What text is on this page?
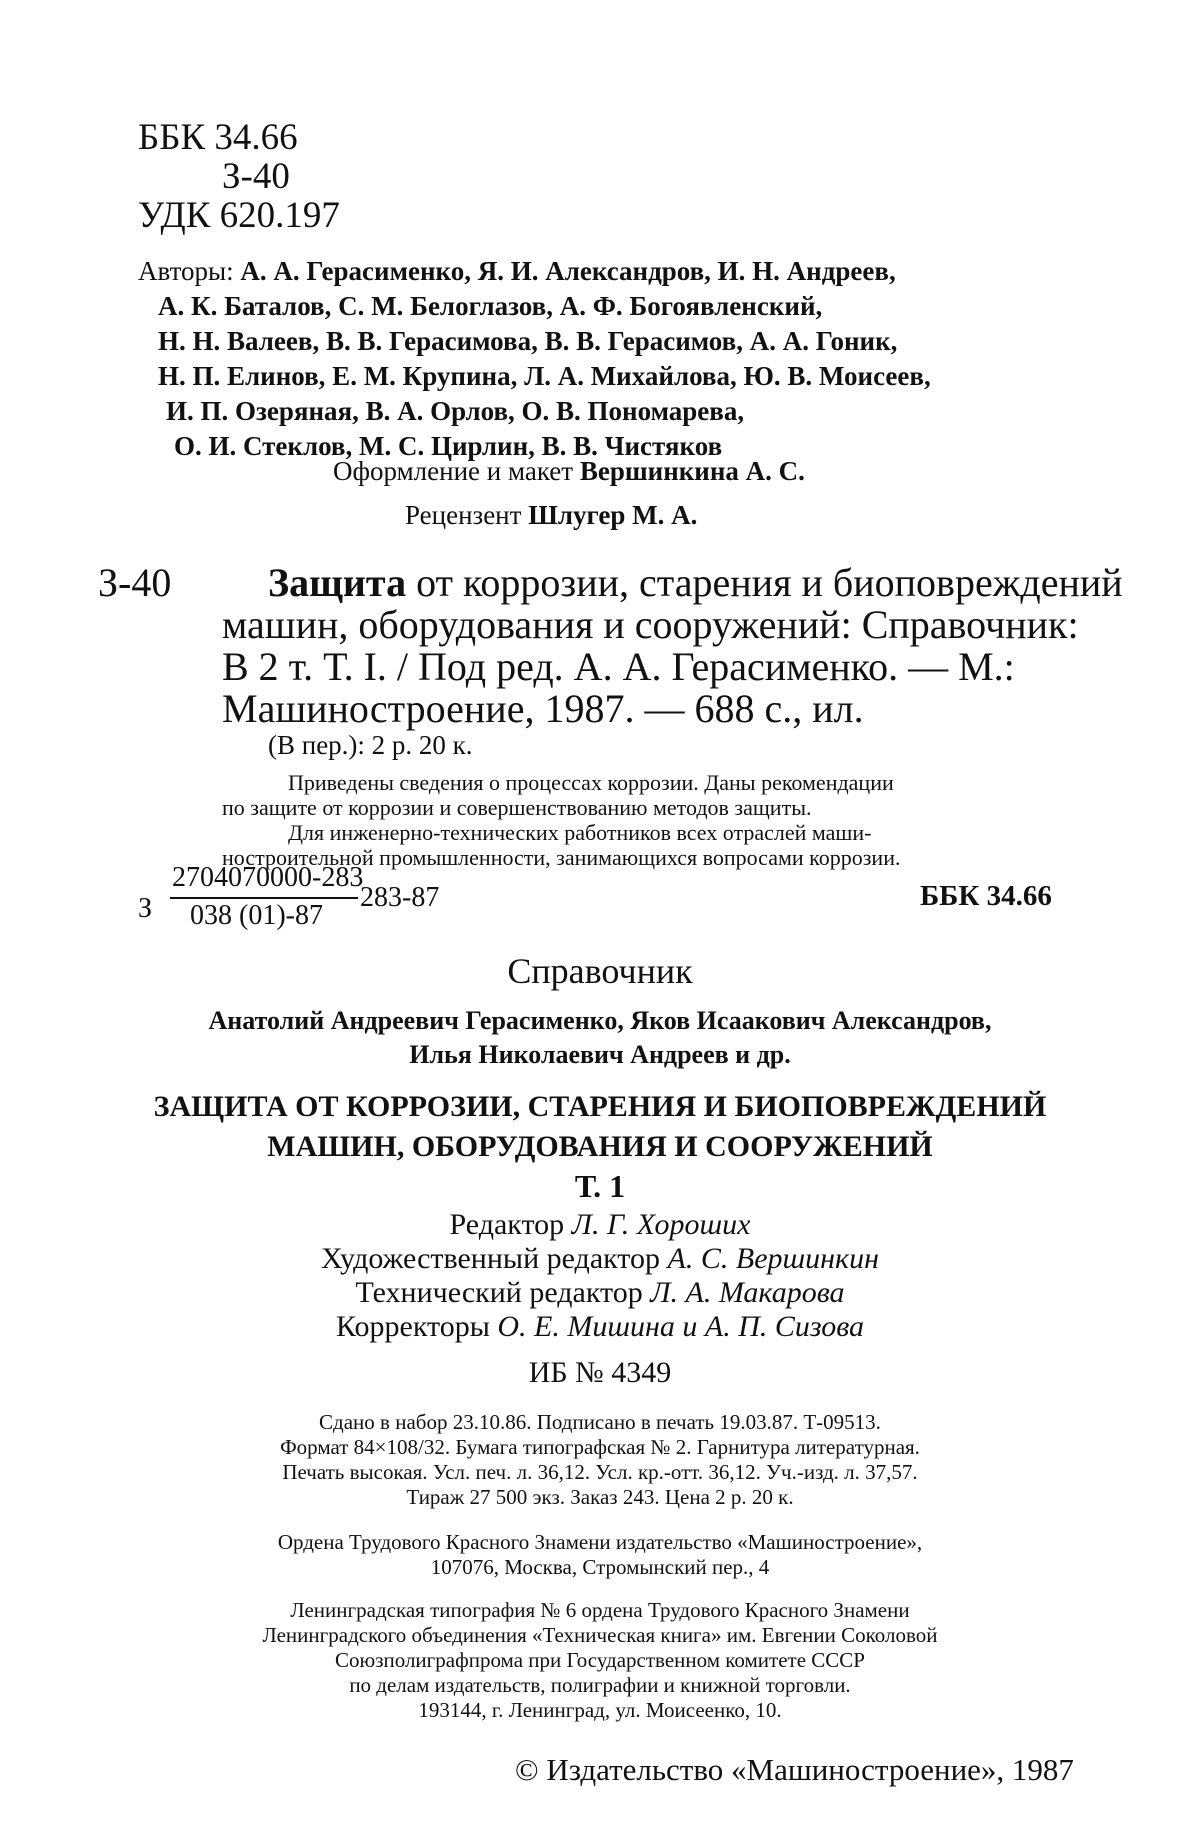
ББК 34.66
З-40
УДК 620.197
Авторы: А. А. Герасименко, Я. И. Александров, И. Н. Андреев,
А. К. Баталов, С. М. Белоглазов, А. Ф. Богоявленский,
Н. Н. Валеев, В. В. Герасимова, В. В. Герасимов, А. А. Гоник,
Н. П. Елинов, Е. М. Крупина, Л. А. Михайлова, Ю. В. Моисеев,
И. П. Озеряная, В. А. Орлов, О. В. Пономарева,
О. И. Стеклов, М. С. Цирлин, В. В. Чистяков
Оформление и макет Вершинкина А. С.
Рецензент Шлугер М. А.
З-40 Защита от коррозии, старения и биоповреждений
машин, оборудования и сооружений: Справочник:
В 2 т. Т. I. / Под ред. А. А. Герасименко. — М.:
Машиностроение, 1987. — 688 с., ил.
(В пер.): 2 р. 20 к.
Приведены сведения о процессах коррозии. Даны рекомендации
по защите от коррозии и совершенствованию методов защиты.
Для инженерно-технических работников всех отраслей маши-
ностроительной промышленности, занимающихся вопросами коррозии.
З
2704070000-283
038 (01)-87
283-87	ББК 34.66
Справочник
Анатолий Андреевич Герасименко, Яков Исаакович Александров,
Илья Николаевич Андреев и др.
ЗАЩИТА ОТ КОРРОЗИИ, СТАРЕНИЯ И БИОПОВРЕЖДЕНИЙ
МАШИН, ОБОРУДОВАНИЯ И СООРУЖЕНИЙ
Т. 1
Редактор Л. Г. Хороших
Художественный редактор А. С. Вершинкин
Технический редактор Л. А. Макарова
Корректоры О. Е. Мишина и А. П. Сизова
ИБ № 4349
Сдано в набор 23.10.86. Подписано в печать 19.03.87. Т-09513.
Формат 84×108/32. Бумага типографская № 2. Гарнитура литературная.
Печать высокая. Усл. печ. л. 36,12. Усл. кр.-отт. 36,12. Уч.-изд. л. 37,57.
Тираж 27 500 экз. Заказ 243. Цена 2 р. 20 к.
Ордена Трудового Красного Знамени издательство «Машиностроение»,
107076, Москва, Стромынский пер., 4
Ленинградская типография № 6 ордена Трудового Красного Знамени
Ленинградского объединения «Техническая книга» им. Евгении Соколовой
Союзполиграфпрома при Государственном комитете СССР
по делам издательств, полиграфии и книжной торговли.
193144, г. Ленинград, ул. Моисеенко, 10.
© Издательство «Машиностроение», 1987
